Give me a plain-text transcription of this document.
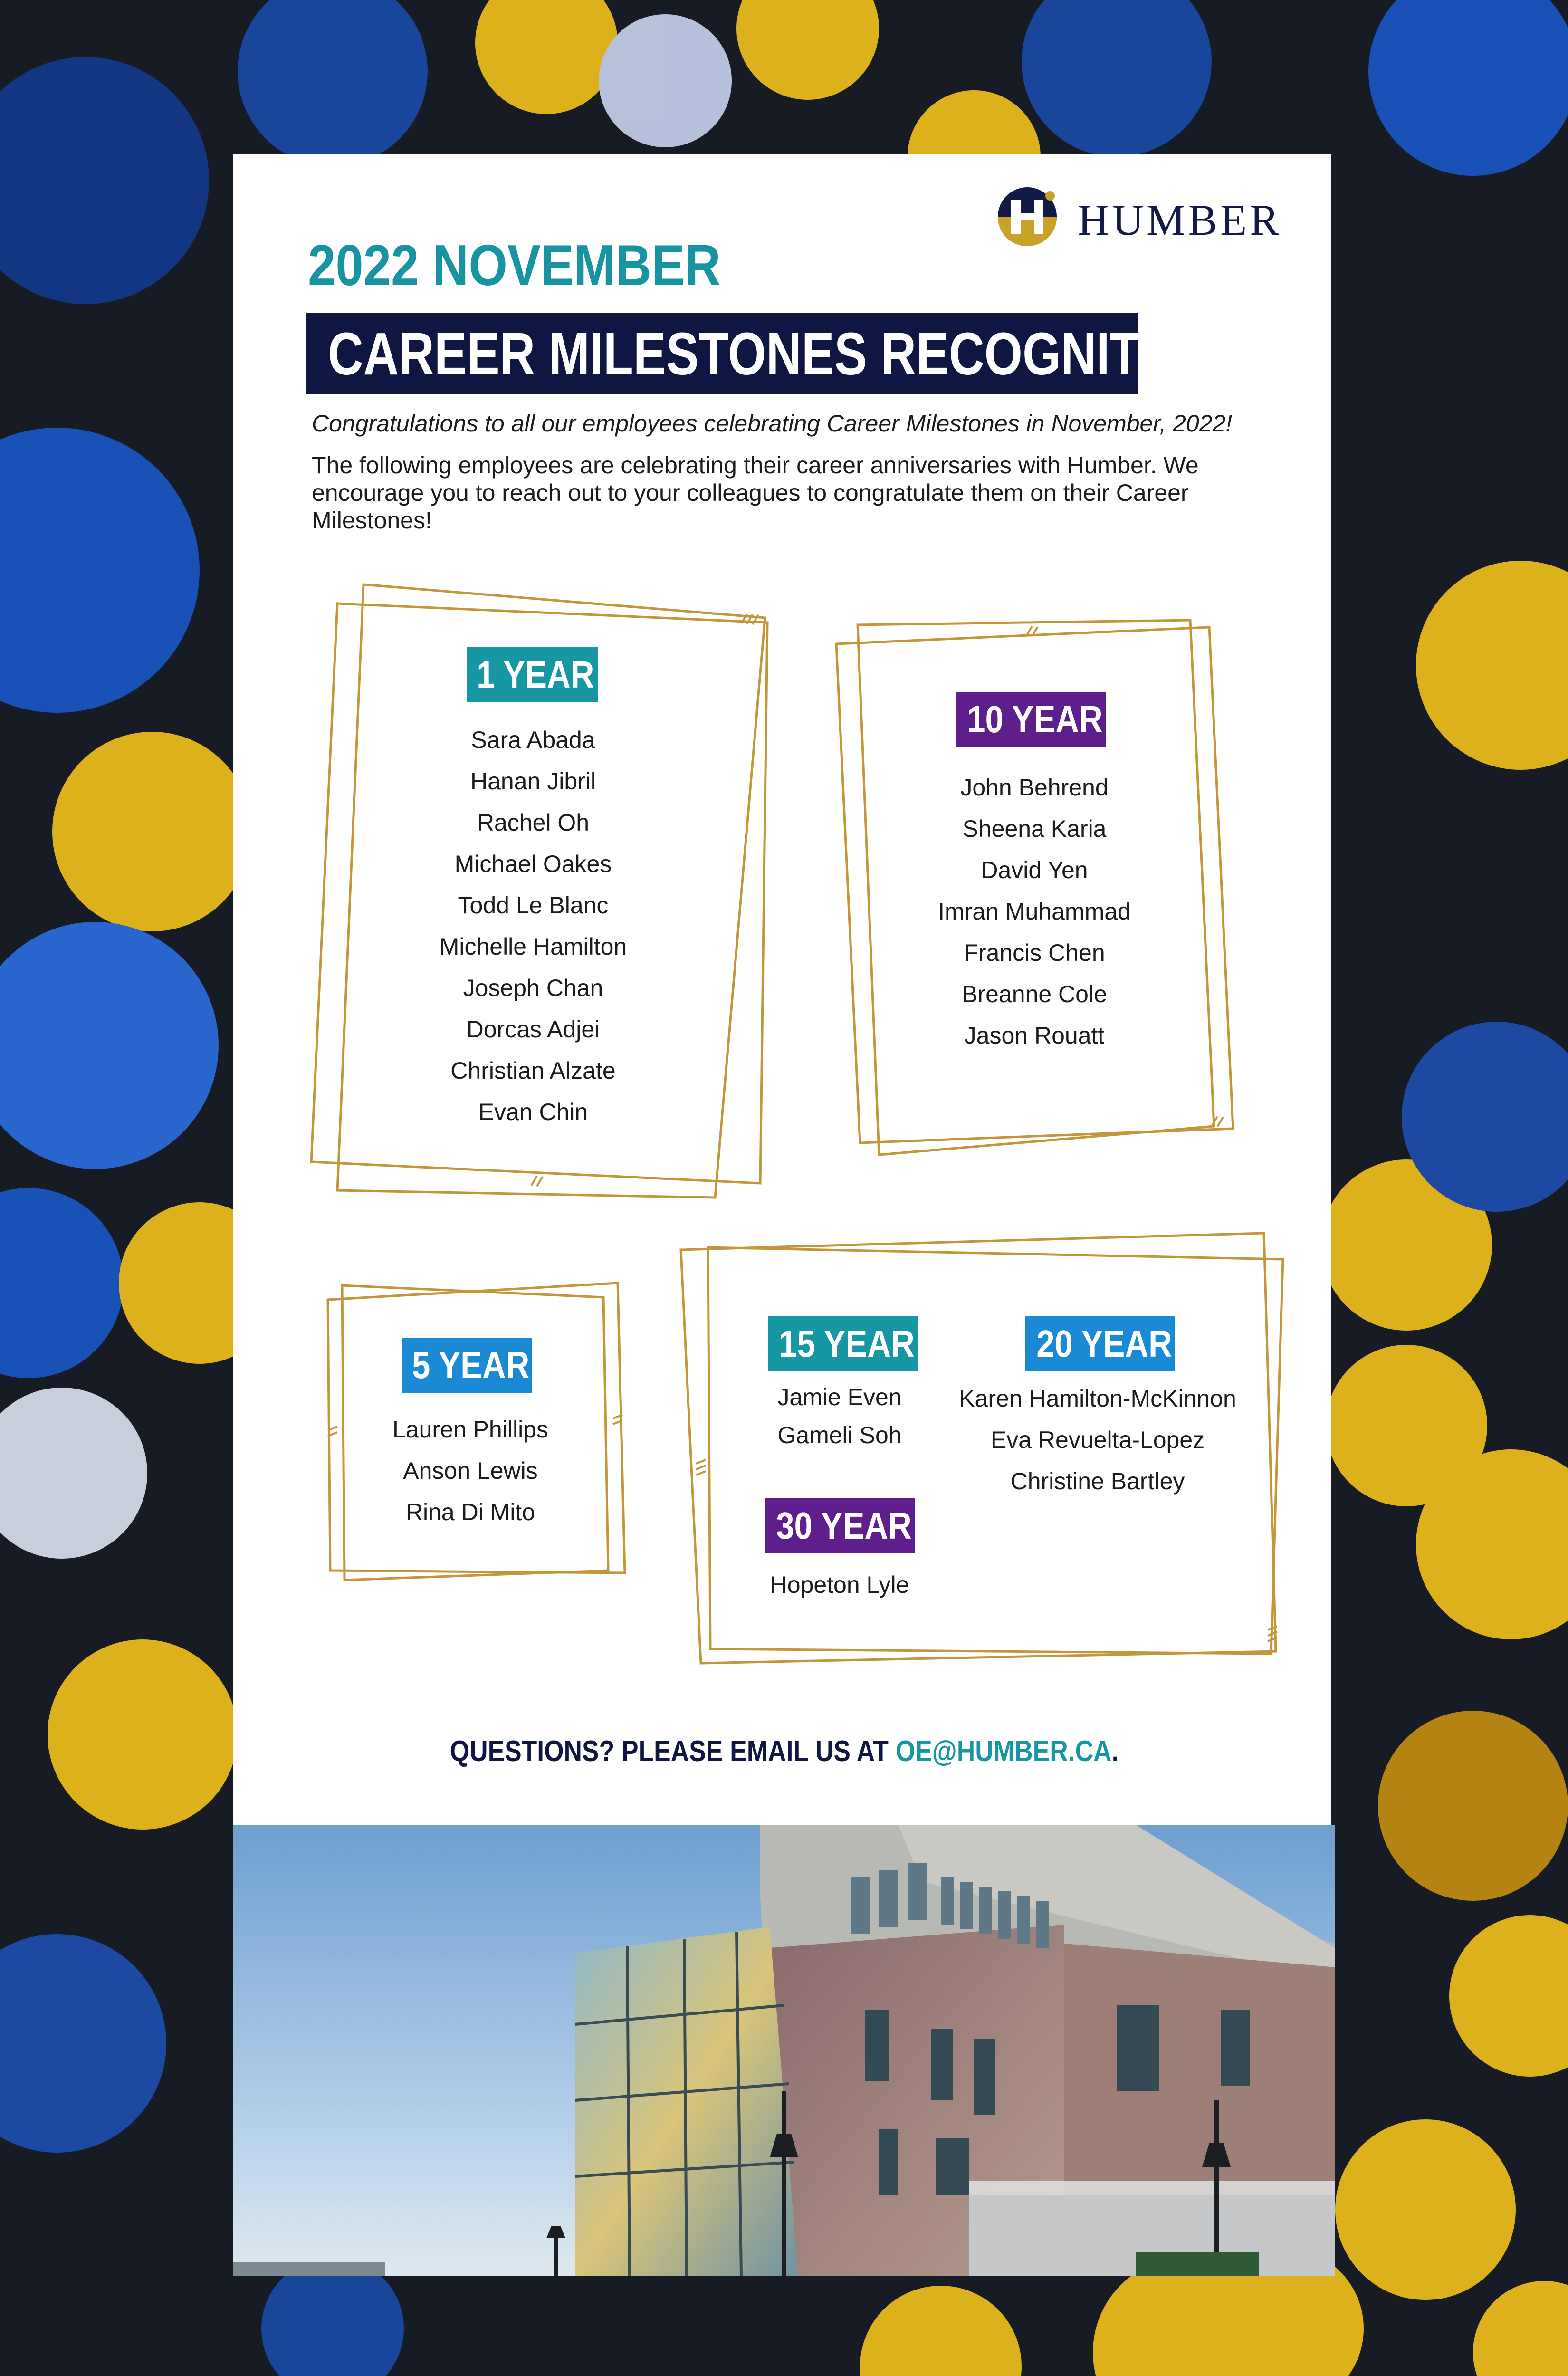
HUMBER
2022 NOVEMBER
CAREER MILESTONES RECOGNITION
Congratulations to all our employees celebrating Career Milestones in November, 2022!
The following employees are celebrating their career anniversaries with Humber. We encourage you to reach out to your colleagues to congratulate them on their Career Milestones!
1 YEAR
Sara Abada
Hanan Jibril
Rachel Oh
Michael Oakes
Todd Le Blanc
Michelle Hamilton
Joseph Chan
Dorcas Adjei
Christian Alzate
Evan Chin
10 YEAR
John Behrend
Sheena Karia
David Yen
Imran Muhammad
Francis Chen
Breanne Cole
Jason Rouatt
5 YEAR
Lauren Phillips
Anson Lewis
Rina Di Mito
15 YEAR
Jamie Even
Gameli Soh
20 YEAR
Karen Hamilton-McKinnon
Eva Revuelta-Lopez
Christine Bartley
30 YEAR
Hopeton Lyle
QUESTIONS? PLEASE EMAIL US AT OE@HUMBER.CA.
